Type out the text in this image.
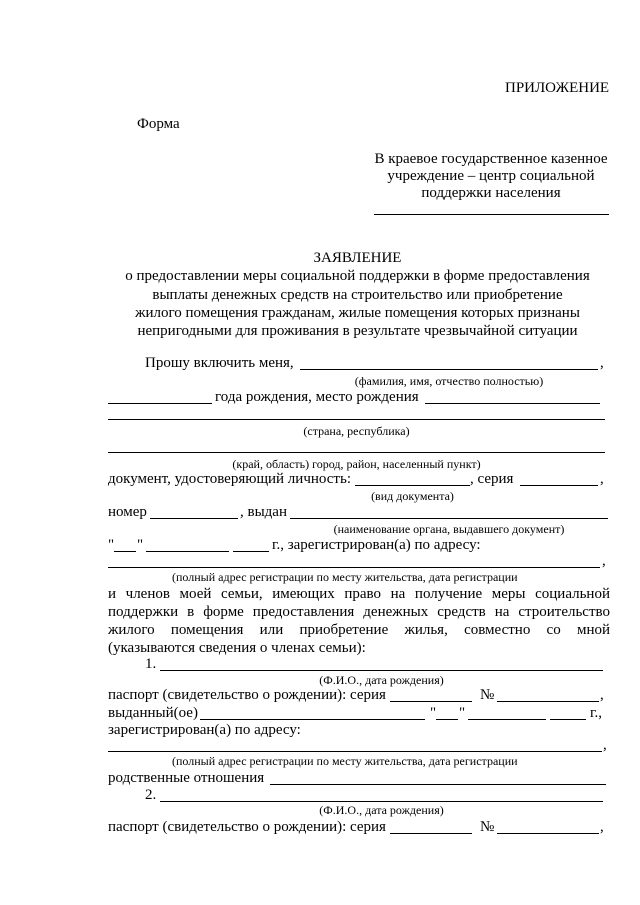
ПРИЛОЖЕНИЕ
Форма
В краевое государственное казенное
учреждение – центр социальной
поддержки населения
ЗАЯВЛЕНИЕ
о предоставлении меры социальной поддержки в форме предоставления
выплаты денежных средств на строительство или приобретение
жилого помещения гражданам, жилые помещения которых признаны
непригодными для проживания в результате чрезвычайной ситуации
Прошу включить меня,	,
(фамилия, имя, отчество полностью)
года рождения, место рождения
(страна, республика)
(край, область) город, район, населенный пункт)
документ, удостоверяющий личность:	, серия	,
(вид документа)
номер	, выдан
(наименование органа, выдавшего документ)
" "	г., зарегистрирован(а) по адресу:
,
(полный адрес регистрации по месту жительства, дата регистрации
и членов моей семьи, имеющих право на получение меры социальной
поддержки в форме предоставления денежных средств на строительство
жилого помещения или приобретение жилья, совместно со мной
(указываются сведения о членах семьи):
1.
(Ф.И.О., дата рождения)
паспорт (свидетельство о рождении): серия	№	,
выданный(ое)	" "	г.,
зарегистрирован(а) по адресу:
,
(полный адрес регистрации по месту жительства, дата регистрации
родственные отношения
2.
(Ф.И.О., дата рождения)
паспорт (свидетельство о рождении): серия	№	,
